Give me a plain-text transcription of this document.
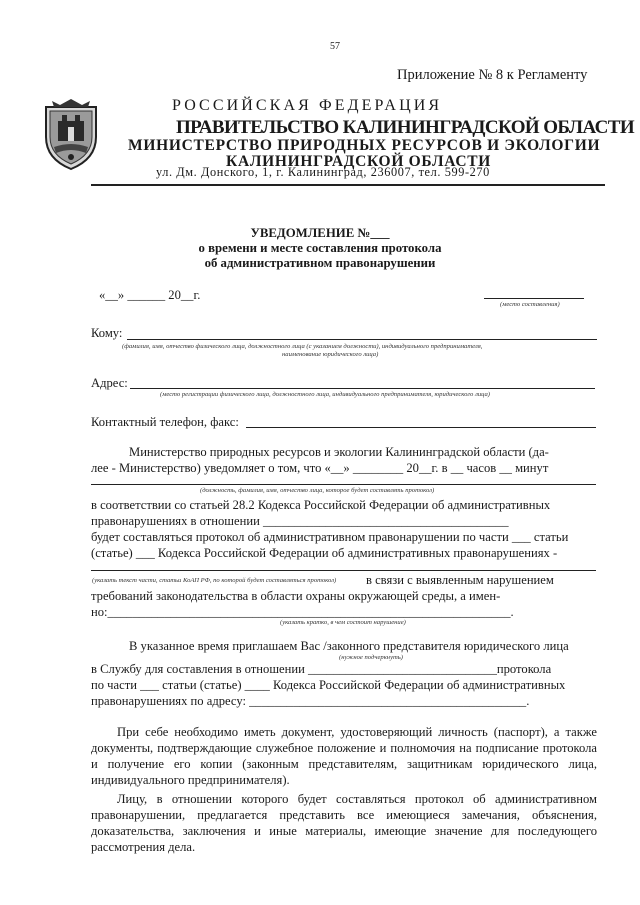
57
Приложение № 8 к Регламенту
РОССИЙСКАЯ ФЕДЕРАЦИЯ
ПРАВИТЕЛЬСТВО КАЛИНИНГРАДСКОЙ ОБЛАСТИ
МИНИСТЕРСТВО ПРИРОДНЫХ РЕСУРСОВ И ЭКОЛОГИИ
КАЛИНИНГРАДСКОЙ ОБЛАСТИ
ул. Дм. Донского, 1, г. Калининград, 236007, тел. 599-270
УВЕДОМЛЕНИЕ №___
о времени и месте составления протокола
об административном правонарушении
«__» ______ 20__г.
(место составления)
Кому:
(фамилия, имя, отчество физического лица, должностного лица (с указанием должности), индивидуального предпринимателя,
наименование юридического лица)
Адрес:
(место регистрации физического лица, должностного лица, индивидуального предпринимателя, юридического лица)
Контактный телефон, факс:
Министерство природных ресурсов и экологии Калининградской области (да-
лее - Министерство) уведомляет о том, что «__» ________ 20__г. в __ часов __ минут
(должность, фамилия, имя, отчество лица, которое будет составлять протокол)
в соответствии со статьей 28.2 Кодекса Российской Федерации об административных
правонарушениях в отношении _______________________________________
будет составляться протокол об административном правонарушении по части ___ статьи
(статье) ___ Кодекса Российской Федерации об административных правонарушениях -
(указать текст части, статьи КоАП РФ, по которой будет составляться протокол) в связи с выявленным нарушением
требований законодательства в области охраны окружающей среды, а имен-
но:________________________________________________________________.
(указать кратко, в чем состоит нарушение)
В указанное время приглашаем Вас /законного представителя юридического лица
(нужное подчеркнуть)
в Службу для составления в отношении ______________________________протокола
по части ___ статьи (статье) ____ Кодекса Российской Федерации об административных
правонарушениях по адресу: ____________________________________________.
При себе необходимо иметь документ, удостоверяющий личность (паспорт), а также документы, подтверждающие служебное положение и полномочия на подписание протокола и получение его копии (законным представителям, защитникам юридического лица, индивидуального предпринимателя).
Лицу, в отношении которого будет составляться протокол об административном правонарушении, предлагается представить все имеющиеся замечания, объяснения, доказательства, заключения и иные материалы, имеющие значение для последующего рассмотрения дела.
